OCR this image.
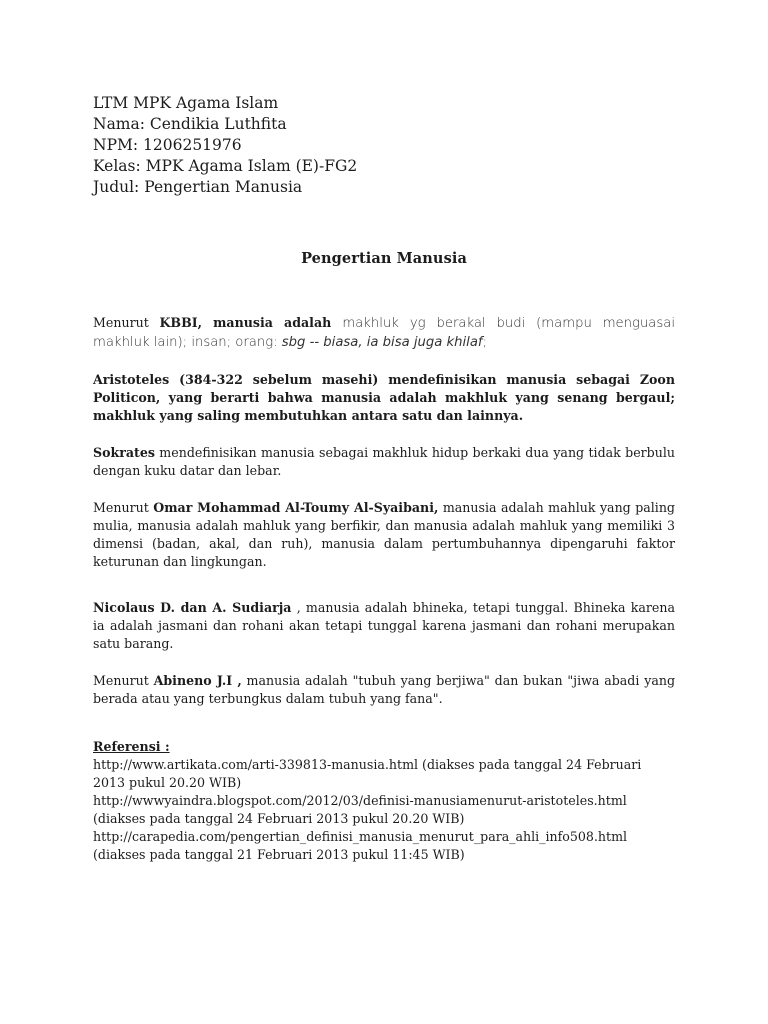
LTM MPK Agama Islam
Nama: Cendikia Luthfita
NPM: 1206251976
Kelas: MPK Agama Islam (E)-FG2
Judul: Pengertian Manusia
Pengertian Manusia
Menurut KBBI, manusia adalah makhluk yg berakal budi (mampu menguasai makhluk lain); insan; orang: sbg -- biasa, ia bisa juga khilaf;
Aristoteles (384-322 sebelum masehi) mendefinisikan manusia sebagai Zoon Politicon, yang berarti bahwa manusia adalah makhluk yang senang bergaul; makhluk yang saling membutuhkan antara satu dan lainnya.
Sokrates mendefinisikan manusia sebagai makhluk hidup berkaki dua yang tidak berbulu dengan kuku datar dan lebar.
Menurut Omar Mohammad Al-Toumy Al-Syaibani, manusia adalah mahluk yang paling mulia, manusia adalah mahluk yang berfikir, dan manusia adalah mahluk yang memiliki 3 dimensi (badan, akal, dan ruh), manusia dalam pertumbuhannya dipengaruhi faktor keturunan dan lingkungan.
Nicolaus D. dan A. Sudiarja , manusia adalah bhineka, tetapi tunggal. Bhineka karena ia adalah jasmani dan rohani akan tetapi tunggal karena jasmani dan rohani merupakan satu barang.
Menurut Abineno J.I , manusia adalah "tubuh yang berjiwa" dan bukan "jiwa abadi yang berada atau yang terbungkus dalam tubuh yang fana".
Referensi :
http://www.artikata.com/arti-339813-manusia.html (diakses pada tanggal 24 Februari
2013 pukul 20.20 WIB)
http://wwwyaindra.blogspot.com/2012/03/definisi-manusiamenurut-aristoteles.html
(diakses pada tanggal 24 Februari 2013 pukul 20.20 WIB)
http://carapedia.com/pengertian_definisi_manusia_menurut_para_ahli_info508.html
(diakses pada tanggal 21 Februari 2013 pukul 11:45 WIB)
